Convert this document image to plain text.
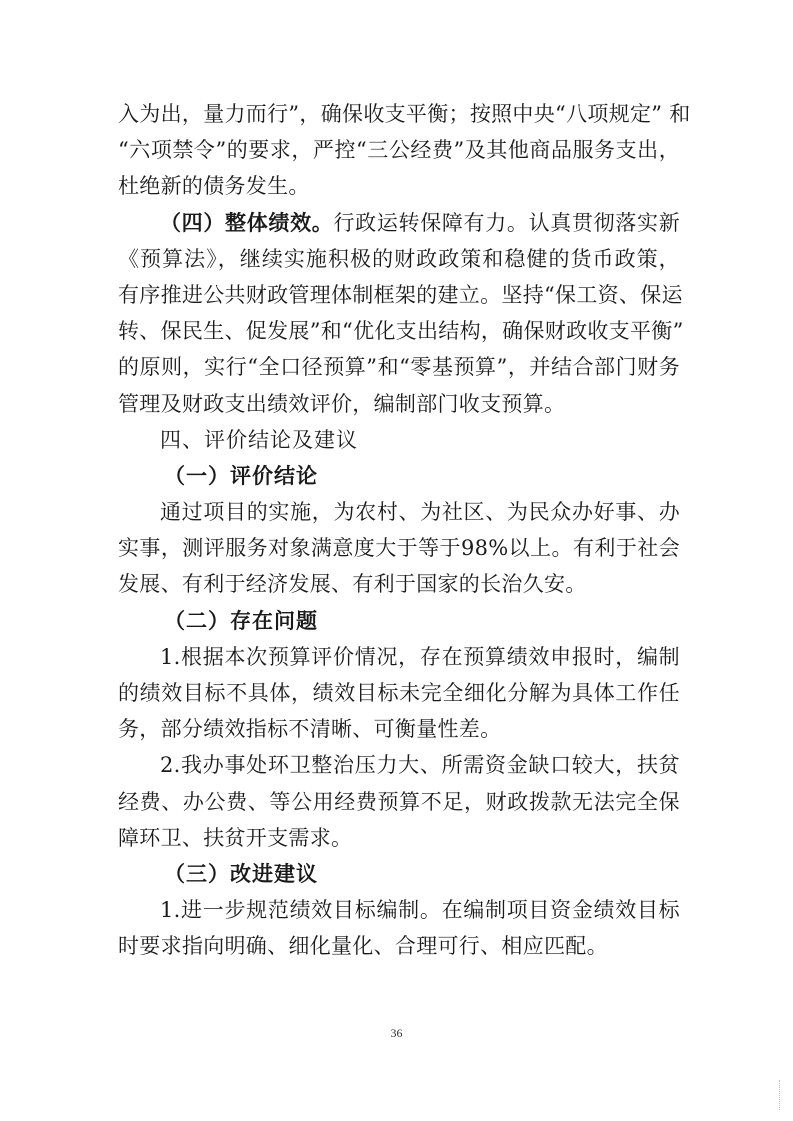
入为出，量力而行”，确保收支平衡；按照中央“八项规定” 和
“六项禁令”的要求，严控“三公经费”及其他商品服务支出，
杜绝新的债务发生。
（四）整体绩效。行政运转保障有力。认真贯彻落实新
《预算法》，继续实施积极的财政政策和稳健的货币政策，
有序推进公共财政管理体制框架的建立。坚持“保工资、保运
转、保民生、促发展”和“优化支出结构，确保财政收支平衡”
的原则，实行“全口径预算”和“零基预算”，并结合部门财务
管理及财政支出绩效评价，编制部门收支预算。
四、评价结论及建议
（一）评价结论
通过项目的实施，为农村、为社区、为民众办好事、办
实事，测评服务对象满意度大于等于98%以上。有利于社会
发展、有利于经济发展、有利于国家的长治久安。
（二）存在问题
1.根据本次预算评价情况，存在预算绩效申报时，编制
的绩效目标不具体，绩效目标未完全细化分解为具体工作任
务，部分绩效指标不清晰、可衡量性差。
2.我办事处环卫整治压力大、所需资金缺口较大，扶贫
经费、办公费、等公用经费预算不足，财政拨款无法完全保
障环卫、扶贫开支需求。
（三）改进建议
1.进一步规范绩效目标编制。在编制项目资金绩效目标
时要求指向明确、细化量化、合理可行、相应匹配。
36
